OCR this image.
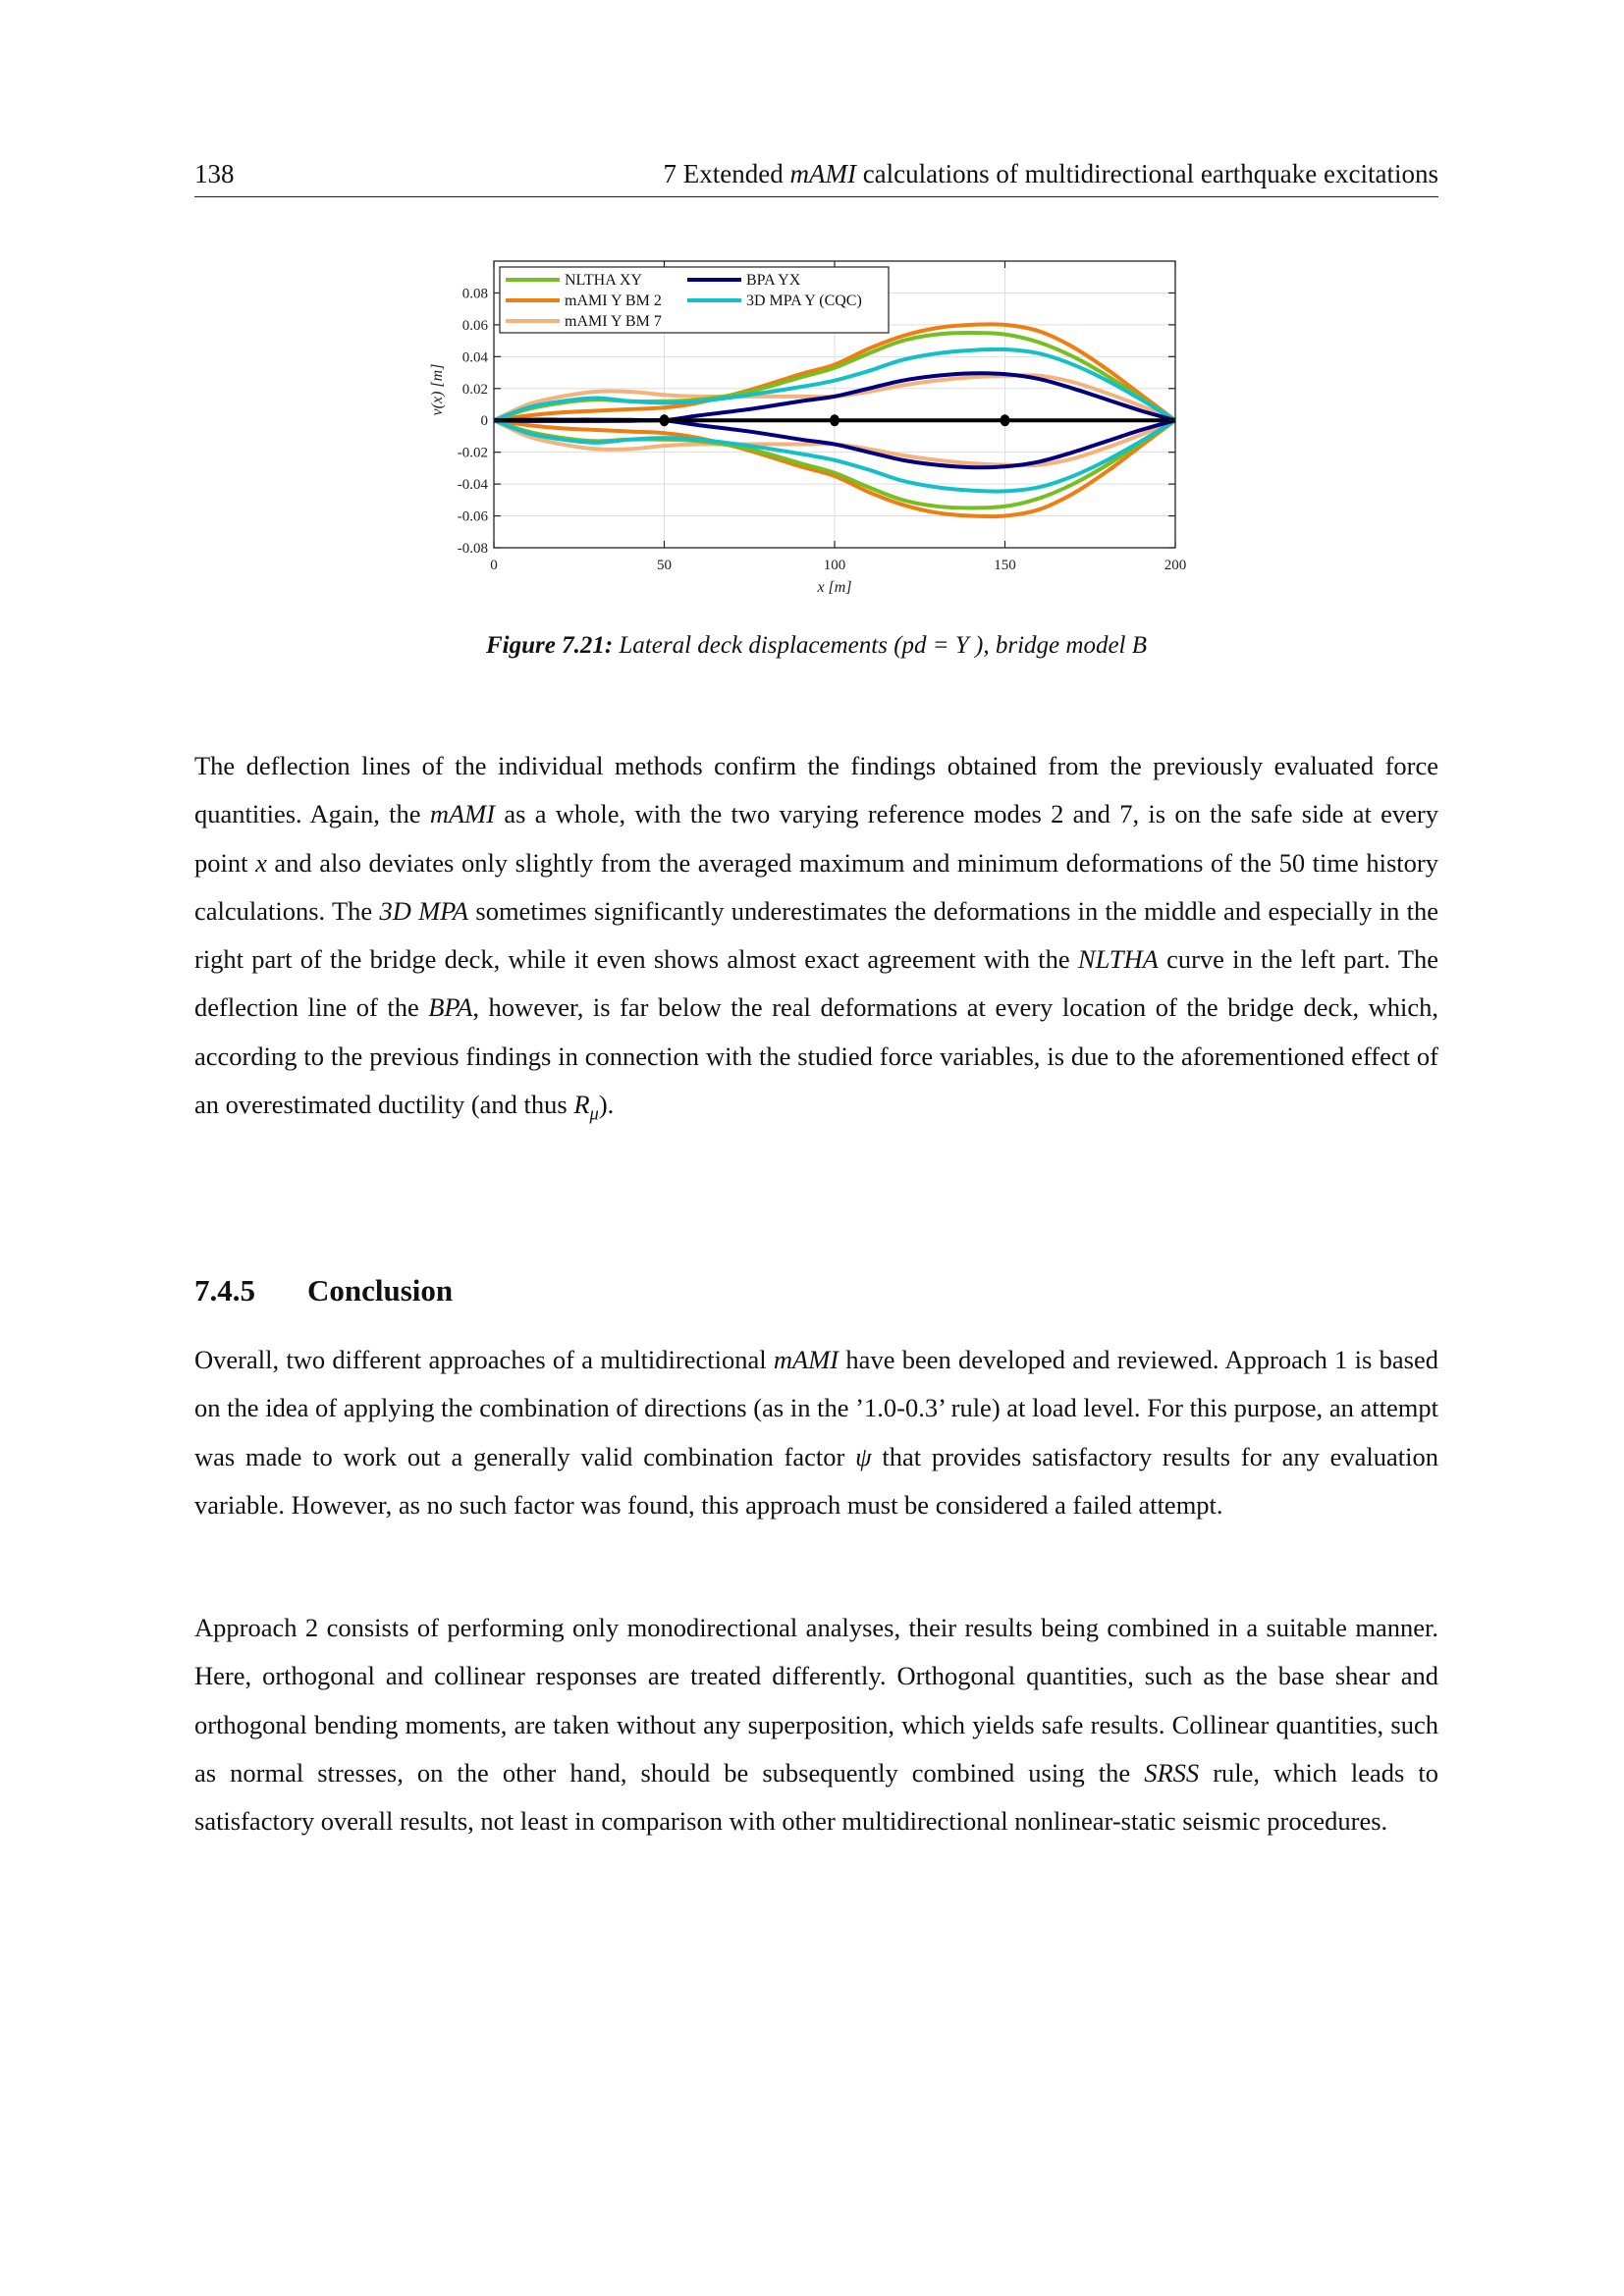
138	7 Extended mAMI calculations of multidirectional earthquake excitations
0	50	100	150	200
-0.08
-0.06
-0.04
-0.02
0
0.02
0.04
0.06
0.08
x [m]
v(x) [m]
NLTHA XY
mAMI Y BM 2
mAMI Y BM 7
BPA YX
3D MPA Y (CQC)
Figure 7.21: Lateral deck displacements (pd = Y ), bridge model B

The deflection lines of the individual methods confirm the findings obtained from the previously evaluated force quantities. Again, the mAMI as a whole, with the two varying reference modes 2 and 7, is on the safe side at every point x and also deviates only slightly from the averaged maximum and minimum deformations of the 50 time history calculations. The 3D MPA sometimes significantly underestimates the deformations in the middle and especially in the right part of the bridge deck, while it even shows almost exact agreement with the NLTHA curve in the left part. The deflection line of the BPA, however, is far below the real deformations at every location of the bridge deck, which, according to the previous findings in connection with the studied force variables, is due to the aforementioned effect of an overestimated ductility (and thus $R_\mu$).

7.4.5 Conclusion

Overall, two different approaches of a multidirectional mAMI have been developed and reviewed. Approach 1 is based on the idea of applying the combination of directions (as in the ’1.0-0.3’ rule) at load level. For this purpose, an attempt was made to work out a generally valid combination factor ψ that provides satisfactory results for any evaluation variable. However, as no such factor was found, this approach must be considered a failed attempt.

Approach 2 consists of performing only monodirectional analyses, their results being combined in a suitable manner. Here, orthogonal and collinear responses are treated differently. Orthogonal quantities, such as the base shear and orthogonal bending moments, are taken without any superposition, which yields safe results. Collinear quantities, such as normal stresses, on the other hand, should be subsequently combined using the SRSS rule, which leads to satisfactory overall results, not least in comparison with other multidirectional nonlinear-static seismic procedures.
